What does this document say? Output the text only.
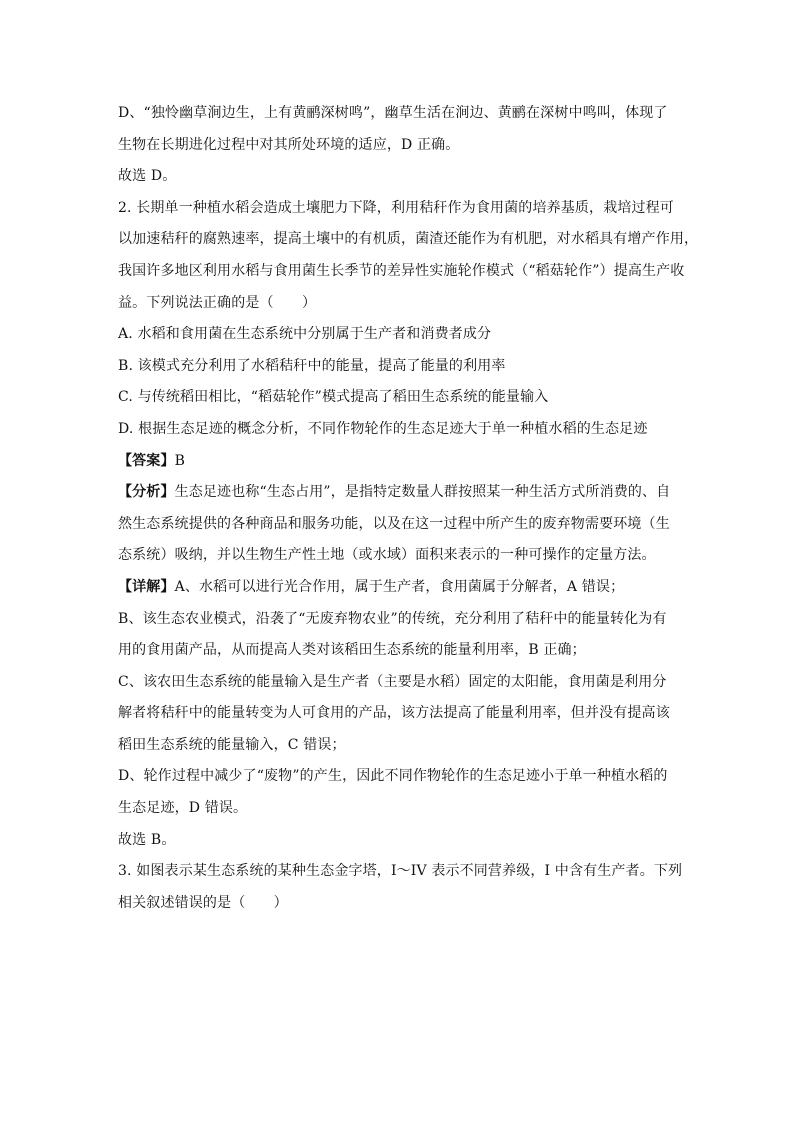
D、“独怜幽草涧边生，上有黄鹂深树鸣”，幽草生活在涧边、黄鹂在深树中鸣叫，体现了
生物在长期进化过程中对其所处环境的适应，D 正确。
故选 D。
2. 长期单一种植水稻会造成土壤肥力下降，利用秸秆作为食用菌的培养基质，栽培过程可
以加速秸秆的腐熟速率，提高土壤中的有机质，菌渣还能作为有机肥，对水稻具有增产作用，
我国许多地区利用水稻与食用菌生长季节的差异性实施轮作模式（“稻菇轮作”）提高生产收
益。下列说法正确的是（　　）
A. 水稻和食用菌在生态系统中分别属于生产者和消费者成分
B. 该模式充分利用了水稻秸秆中的能量，提高了能量的利用率
C. 与传统稻田相比，“稻菇轮作”模式提高了稻田生态系统的能量输入
D. 根据生态足迹的概念分析，不同作物轮作的生态足迹大于单一种植水稻的生态足迹
【答案】B
【分析】生态足迹也称“生态占用”，是指特定数量人群按照某一种生活方式所消费的、自
然生态系统提供的各种商品和服务功能，以及在这一过程中所产生的废弃物需要环境（生
态系统）吸纳，并以生物生产性土地（或水域）面积来表示的一种可操作的定量方法。
【详解】A、水稻可以进行光合作用，属于生产者，食用菌属于分解者，A 错误；
B、该生态农业模式，沿袭了“无废弃物农业”的传统，充分利用了秸秆中的能量转化为有
用的食用菌产品，从而提高人类对该稻田生态系统的能量利用率，B 正确；
C、该农田生态系统的能量输入是生产者（主要是水稻）固定的太阳能，食用菌是利用分
解者将秸秆中的能量转变为人可食用的产品，该方法提高了能量利用率，但并没有提高该
稻田生态系统的能量输入，C 错误；
D、轮作过程中减少了“废物”的产生，因此不同作物轮作的生态足迹小于单一种植水稻的
生态足迹，D 错误。
故选 B。
3. 如图表示某生态系统的某种生态金字塔，I～IV 表示不同营养级，I 中含有生产者。下列
相关叙述错误的是（　　）
